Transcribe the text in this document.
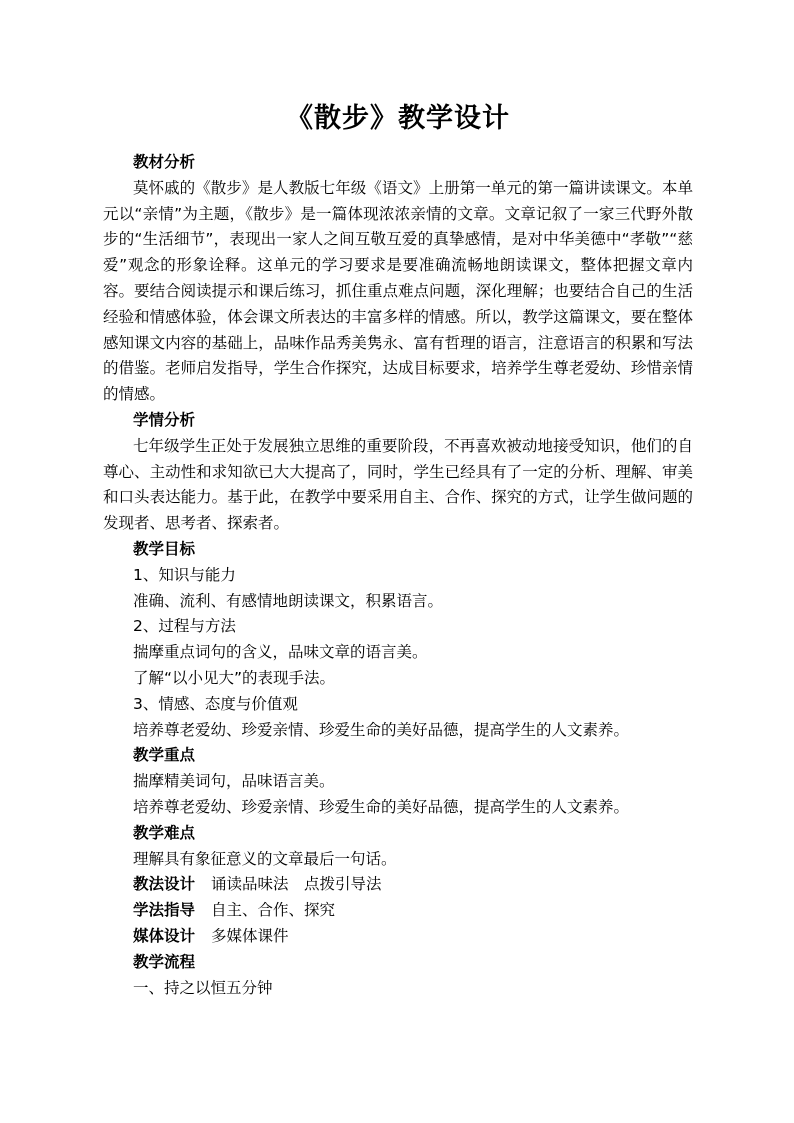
《散步》教学设计
教材分析
莫怀戚的《散步》是人教版七年级《语文》上册第一单元的第一篇讲读课文。本单元以“亲情”为主题，《散步》是一篇体现浓浓亲情的文章。文章记叙了一家三代野外散步的“生活细节”，表现出一家人之间互敬互爱的真挚感情，是对中华美德中“孝敬”“慈爱”观念的形象诠释。这单元的学习要求是要准确流畅地朗读课文，整体把握文章内容。要结合阅读提示和课后练习，抓住重点难点问题，深化理解；也要结合自己的生活经验和情感体验，体会课文所表达的丰富多样的情感。所以，教学这篇课文，要在整体感知课文内容的基础上，品味作品秀美隽永、富有哲理的语言，注意语言的积累和写法的借鉴。老师启发指导，学生合作探究，达成目标要求，培养学生尊老爱幼、珍惜亲情的情感。
学情分析
七年级学生正处于发展独立思维的重要阶段，不再喜欢被动地接受知识，他们的自尊心、主动性和求知欲已大大提高了，同时，学生已经具有了一定的分析、理解、审美和口头表达能力。基于此，在教学中要采用自主、合作、探究的方式，让学生做问题的发现者、思考者、探索者。
教学目标
1、知识与能力
准确、流利、有感情地朗读课文，积累语言。
2、过程与方法
揣摩重点词句的含义，品味文章的语言美。
了解“以小见大”的表现手法。
3、情感、态度与价值观
培养尊老爱幼、珍爱亲情、珍爱生命的美好品德，提高学生的人文素养。
教学重点
揣摩精美词句，品味语言美。
培养尊老爱幼、珍爱亲情、珍爱生命的美好品德，提高学生的人文素养。
教学难点
理解具有象征意义的文章最后一句话。
教法设计 诵读品味法　点拨引导法
学法指导 自主、合作、探究
媒体设计 多媒体课件
教学流程
一、持之以恒五分钟
